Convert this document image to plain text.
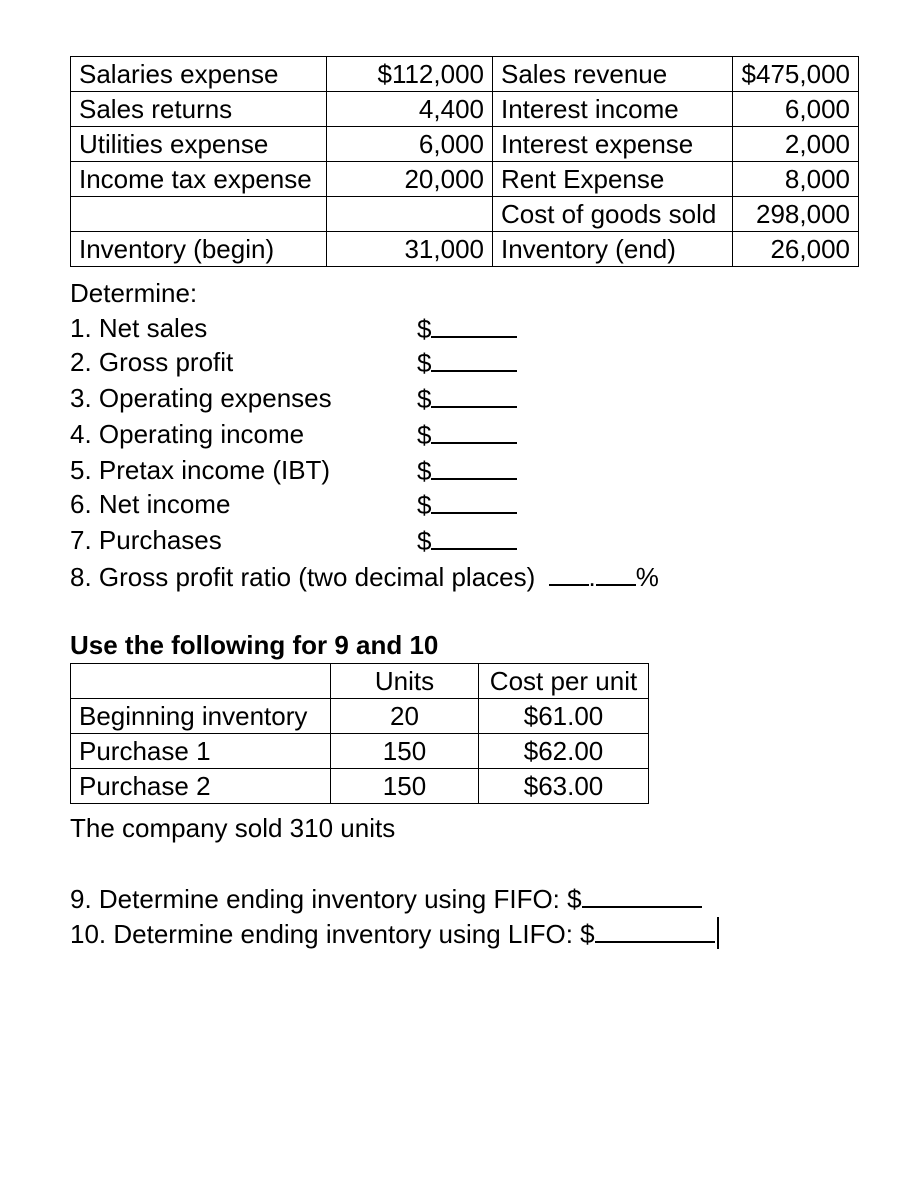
Salaries expense	$112,000	Sales revenue	$475,000
Sales returns	4,400	Interest income	6,000
Utilities expense	6,000	Interest expense	2,000
Income tax expense	20,000	Rent Expense	8,000
		Cost of goods sold	298,000
Inventory (begin)	31,000	Inventory (end)	26,000
Determine:
1. Net sales	$
2. Gross profit	$
3. Operating expenses	$
4. Operating income	$
5. Pretax income (IBT)	$
6. Net income	$
7. Purchases	$
8. Gross profit ratio (two decimal places) . %
Use the following for 9 and 10
	Units	Cost per unit
Beginning inventory	20	$61.00
Purchase 1	150	$62.00
Purchase 2	150	$63.00
The company sold 310 units
9. Determine ending inventory using FIFO: $
10. Determine ending inventory using LIFO: $
